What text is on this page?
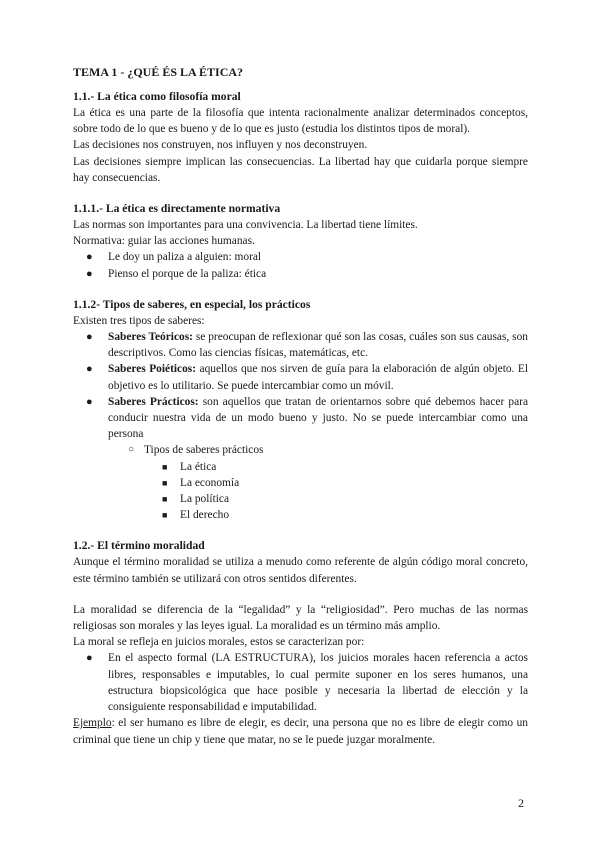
TEMA 1 - ¿QUÉ ÉS LA ÉTICA?
1.1.- La ética como filosofía moral

La ética es una parte de la filosofía que intenta racionalmente analizar determinados conceptos, sobre todo de lo que es bueno y de lo que es justo (estudia los distintos tipos de moral).

Las decisiones nos construyen, nos influyen y nos deconstruyen.

Las decisiones siempre implican las consecuencias. La libertad hay que cuidarla porque siempre hay consecuencias.

1.1.1.- La ética es directamente normativa

Las normas son importantes para una convivencia. La libertad tiene límites.

Normativa: guiar las acciones humanas.

● Le doy un paliza a alguien: moral
● Pienso el porque de la paliza: ética
1.1.2- Tipos de saberes, en especial, los prácticos

Existen tres tipos de saberes:

● Saberes Teóricos: se preocupan de reflexionar qué son las cosas, cuáles son sus causas, son descriptivos. Como las ciencias físicas, matemáticas, etc.
● Saberes Poiéticos: aquellos que nos sirven de guía para la elaboración de algún objeto. El objetivo es lo utilitario. Se puede intercambiar como un móvil.
● Saberes Prácticos: son aquellos que tratan de orientarnos sobre qué debemos hacer para conducir nuestra vida de un modo bueno y justo. No se puede intercambiar como una persona
○ Tipos de saberes prácticos
■ La ética
■ La economía
■ La política
■ El derecho
1.2.- El término moralidad

Aunque el término moralidad se utiliza a menudo como referente de algún código moral concreto, este término también se utilizará con otros sentidos diferentes.

La moralidad se diferencia de la “legalidad” y la “religiosidad”. Pero muchas de las normas religiosas son morales y las leyes igual. La moralidad es un término más amplio.

La moral se refleja en juicios morales, estos se caracterizan por:

● En el aspecto formal (LA ESTRUCTURA), los juicios morales hacen referencia a actos libres, responsables e imputables, lo cual permite suponer en los seres humanos, una estructura biopsicológica que hace posible y necesaria la libertad de elección y la consiguiente responsabilidad e imputabilidad.

Ejemplo: el ser humano es libre de elegir, es decir, una persona que no es libre de elegir como un criminal que tiene un chip y tiene que matar, no se le puede juzgar moralmente.

2
